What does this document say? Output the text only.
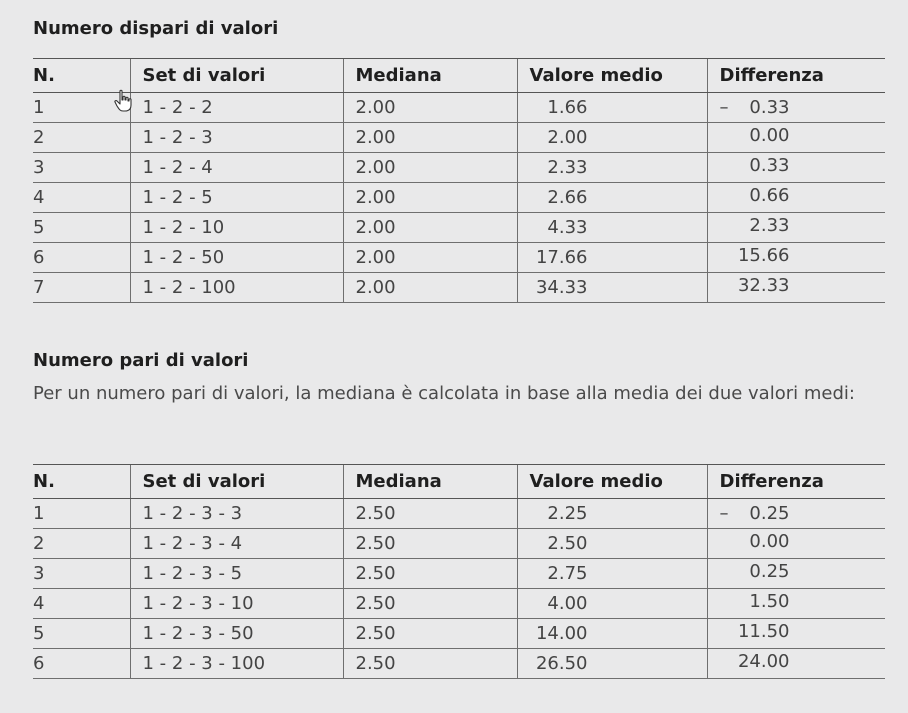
Numero dispari di valori
N.	Set di valori	Mediana	Valore medio	Differenza
1	1 - 2 - 2	2.00	1.66	– 0.33

2	1 - 2 - 3	2.00	2.00	0.00

3	1 - 2 - 4	2.00	2.33	0.33

4	1 - 2 - 5	2.00	2.66	0.66

5	1 - 2 - 10	2.00	4.33	2.33

6	1 - 2 - 50	2.00	17.66	15.66

7	1 - 2 - 100	2.00	34.33	32.33
Numero pari di valori
Per un numero pari di valori, la mediana è calcolata in base alla media dei due valori medi:
N.	Set di valori	Mediana	Valore medio	Differenza
1	1 - 2 - 3 - 3	2.50	2.25	– 0.25

2	1 - 2 - 3 - 4	2.50	2.50	0.00

3	1 - 2 - 3 - 5	2.50	2.75	0.25

4	1 - 2 - 3 - 10	2.50	4.00	1.50

5	1 - 2 - 3 - 50	2.50	14.00	11.50

6	1 - 2 - 3 - 100	2.50	26.50	24.00
